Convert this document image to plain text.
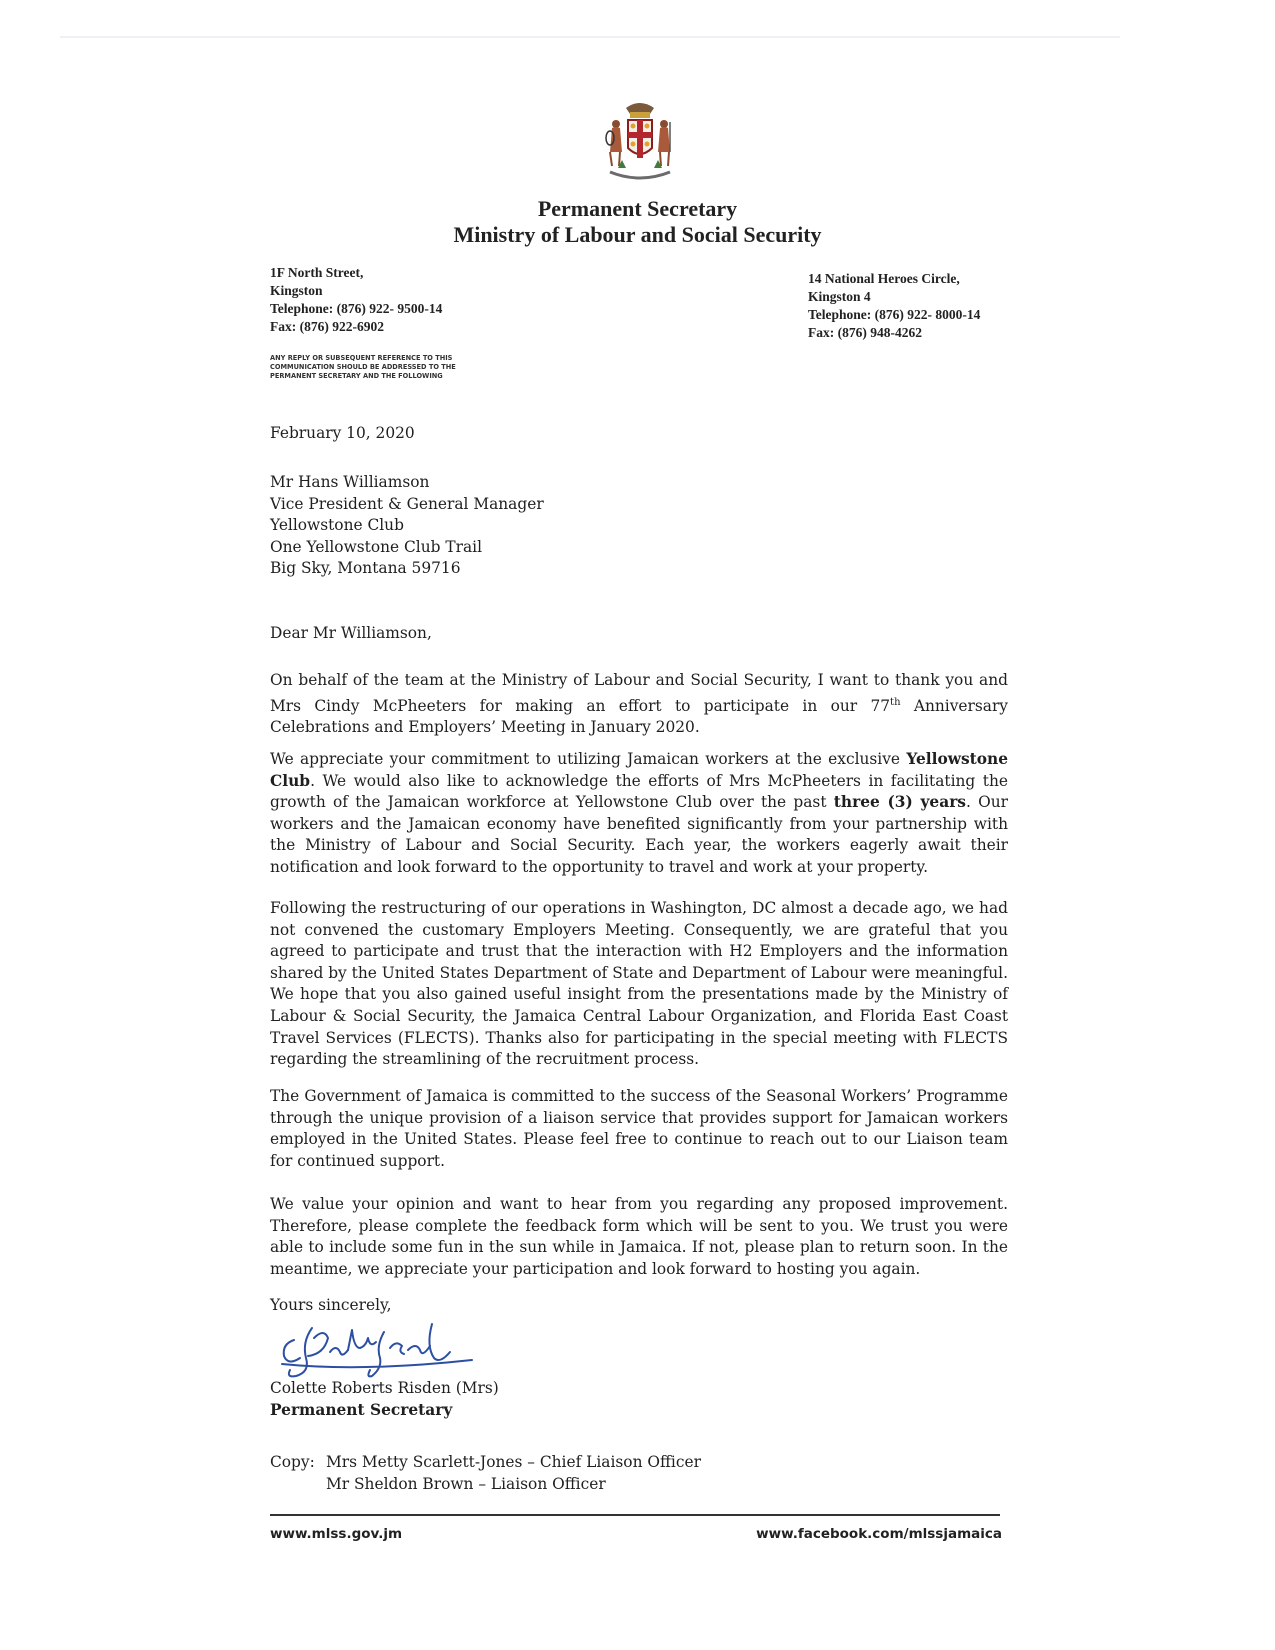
Permanent Secretary
Ministry of Labour and Social Security
1F North Street,
Kingston
Telephone: (876) 922- 9500-14
Fax: (876) 922-6902
14 National Heroes Circle,
Kingston 4
Telephone: (876) 922- 8000-14
Fax: (876) 948-4262
ANY REPLY OR SUBSEQUENT REFERENCE TO THIS
COMMUNICATION SHOULD BE ADDRESSED TO THE
PERMANENT SECRETARY AND THE FOLLOWING
February 10, 2020
Mr Hans Williamson
Vice President & General Manager
Yellowstone Club
One Yellowstone Club Trail
Big Sky, Montana 59716
Dear Mr Williamson,

On behalf of the team at the Ministry of Labour and Social Security, I want to thank you and Mrs Cindy McPheeters for making an effort to participate in our 77th Anniversary Celebrations and Employers’ Meeting in January 2020.

We appreciate your commitment to utilizing Jamaican workers at the exclusive Yellowstone Club. We would also like to acknowledge the efforts of Mrs McPheeters in facilitating the growth of the Jamaican workforce at Yellowstone Club over the past three (3) years. Our workers and the Jamaican economy have benefited significantly from your partnership with the Ministry of Labour and Social Security. Each year, the workers eagerly await their notification and look forward to the opportunity to travel and work at your property.

Following the restructuring of our operations in Washington, DC almost a decade ago, we had not convened the customary Employers Meeting. Consequently, we are grateful that you agreed to participate and trust that the interaction with H2 Employers and the information shared by the United States Department of State and Department of Labour were meaningful. We hope that you also gained useful insight from the presentations made by the Ministry of Labour & Social Security, the Jamaica Central Labour Organization, and Florida East Coast Travel Services (FLECTS). Thanks also for participating in the special meeting with FLECTS regarding the streamlining of the recruitment process.

The Government of Jamaica is committed to the success of the Seasonal Workers’ Programme through the unique provision of a liaison service that provides support for Jamaican workers employed in the United States. Please feel free to continue to reach out to our Liaison team for continued support.

We value your opinion and want to hear from you regarding any proposed improvement. Therefore, please complete the feedback form which will be sent to you. We trust you were able to include some fun in the sun while in Jamaica. If not, please plan to return soon. In the meantime, we appreciate your participation and look forward to hosting you again.

Yours sincerely,
Colette Roberts Risden (Mrs)
Permanent Secretary
Copy: Mrs Metty Scarlett-Jones – Chief Liaison Officer
Mr Sheldon Brown – Liaison Officer
www.mlss.gov.jm	www.facebook.com/mlssjamaica
